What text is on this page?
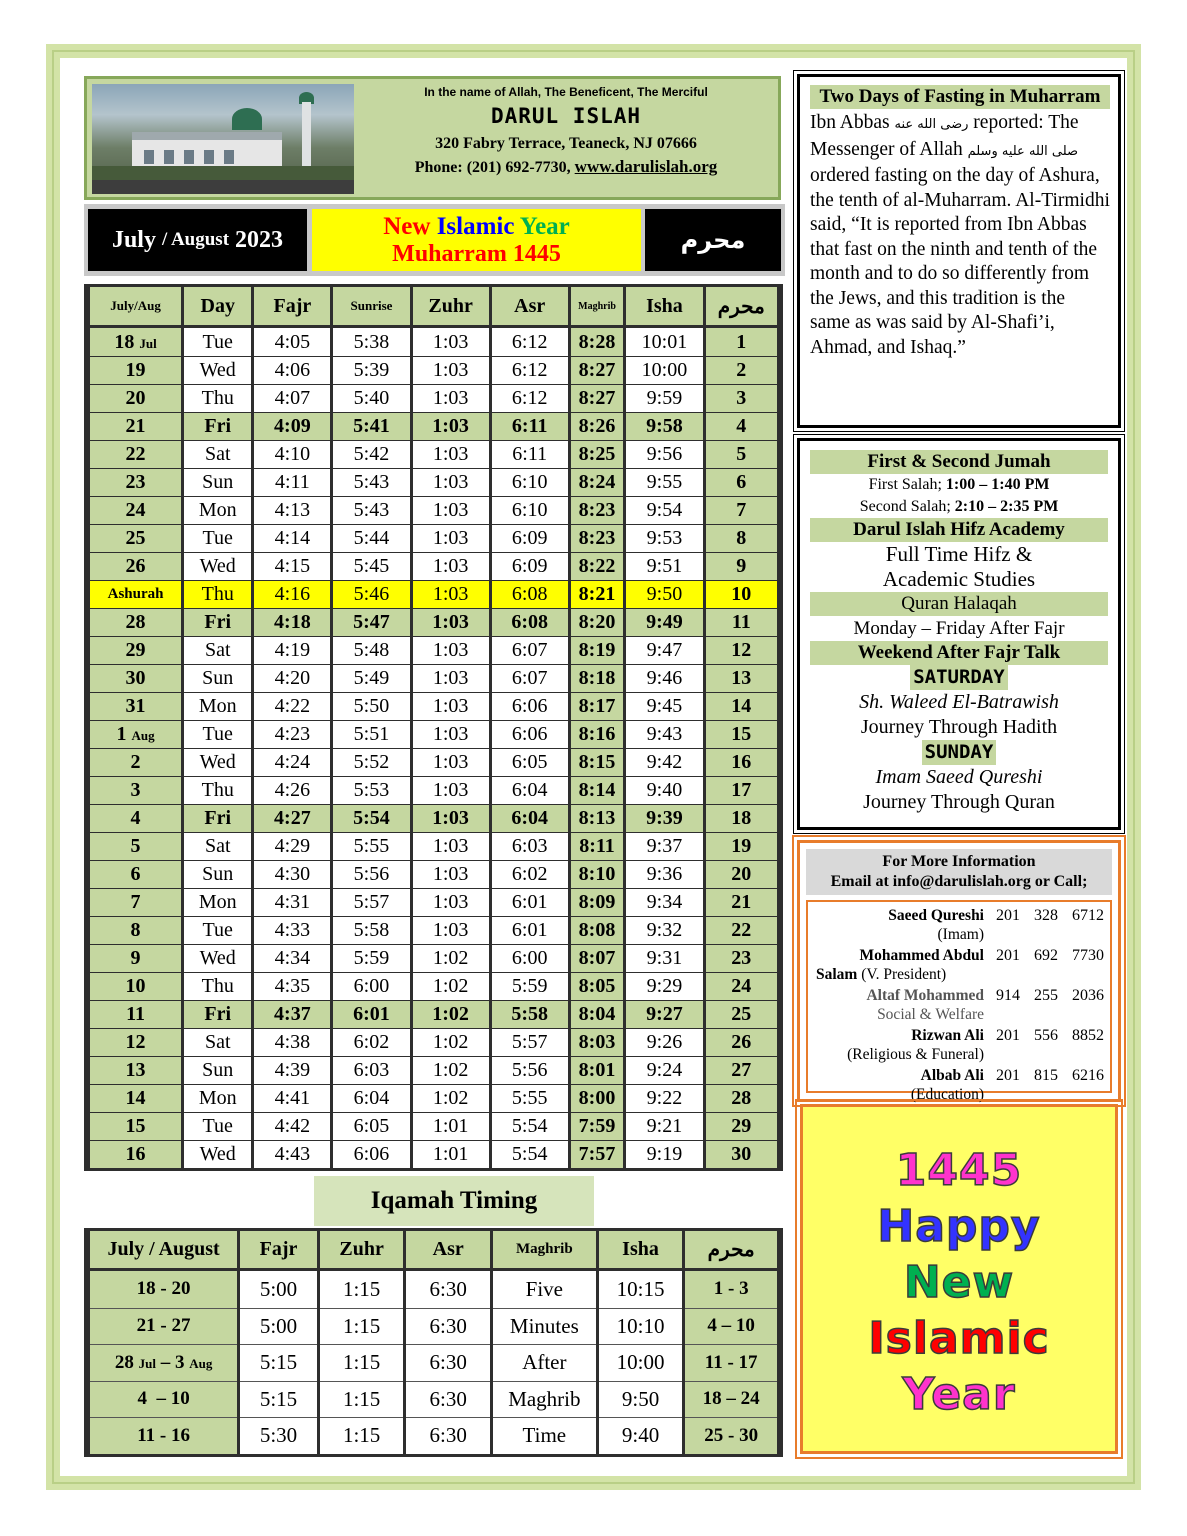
In the name of Allah, The Beneficent, The Merciful
DARUL ISLAH
320 Fabry Terrace, Teaneck, NJ 07666
Phone: (201) 692-7730, www.darulislah.org
July
/ August
2023	New Islamic Year
Muharram 1445	محرم
July/Aug	Day	Fajr	Sunrise	Zuhr	Asr	Maghrib	Isha	محرم
18 Jul	Tue	4:05	5:38	1:03	6:12	8:28	10:01	1
19	Wed	4:06	5:39	1:03	6:12	8:27	10:00	2
20	Thu	4:07	5:40	1:03	6:12	8:27	9:59	3
21	Fri	4:09	5:41	1:03	6:11	8:26	9:58	4
22	Sat	4:10	5:42	1:03	6:11	8:25	9:56	5
23	Sun	4:11	5:43	1:03	6:10	8:24	9:55	6
24	Mon	4:13	5:43	1:03	6:10	8:23	9:54	7
25	Tue	4:14	5:44	1:03	6:09	8:23	9:53	8
26	Wed	4:15	5:45	1:03	6:09	8:22	9:51	9
Ashurah	Thu	4:16	5:46	1:03	6:08	8:21	9:50	10
28	Fri	4:18	5:47	1:03	6:08	8:20	9:49	11
29	Sat	4:19	5:48	1:03	6:07	8:19	9:47	12
30	Sun	4:20	5:49	1:03	6:07	8:18	9:46	13
31	Mon	4:22	5:50	1:03	6:06	8:17	9:45	14
1 Aug	Tue	4:23	5:51	1:03	6:06	8:16	9:43	15
2	Wed	4:24	5:52	1:03	6:05	8:15	9:42	16
3	Thu	4:26	5:53	1:03	6:04	8:14	9:40	17
4	Fri	4:27	5:54	1:03	6:04	8:13	9:39	18
5	Sat	4:29	5:55	1:03	6:03	8:11	9:37	19
6	Sun	4:30	5:56	1:03	6:02	8:10	9:36	20
7	Mon	4:31	5:57	1:03	6:01	8:09	9:34	21
8	Tue	4:33	5:58	1:03	6:01	8:08	9:32	22
9	Wed	4:34	5:59	1:02	6:00	8:07	9:31	23
10	Thu	4:35	6:00	1:02	5:59	8:05	9:29	24
11	Fri	4:37	6:01	1:02	5:58	8:04	9:27	25
12	Sat	4:38	6:02	1:02	5:57	8:03	9:26	26
13	Sun	4:39	6:03	1:02	5:56	8:01	9:24	27
14	Mon	4:41	6:04	1:02	5:55	8:00	9:22	28
15	Tue	4:42	6:05	1:01	5:54	7:59	9:21	29
16	Wed	4:43	6:06	1:01	5:54	7:57	9:19	30
Iqamah Timing
July / August	Fajr	Zuhr	Asr	Maghrib	Isha	محرم
18 - 20	5:00	1:15	6:30	Five	10:15	1 - 3
21 - 27	5:00	1:15	6:30	Minutes	10:10	4 – 10
28 Jul – 3 Aug	5:15	1:15	6:30	After	10:00	11 - 17
4  – 10	5:15	1:15	6:30	Maghrib	9:50	18 – 24
11 - 16	5:30	1:15	6:30	Time	9:40	25 - 30
Two Days of Fasting in Muharram
Ibn Abbas رضى الله عنه reported: The Messenger of Allah صلى الله عليه وسلم ordered fasting on the day of Ashura, the tenth of al-Muharram. Al-Tirmidhi said, “It is reported from Ibn Abbas that fast on the ninth and tenth of the month and to do so differently from the Jews, and this tradition is the same as was said by Al-Shafi’i, Ahmad, and Ishaq.”
First & Second Jumah
First Salah; 1:00 – 1:40 PM
Second Salah; 2:10 – 2:35 PM
Darul Islah Hifz Academy
Full Time Hifz &
Academic Studies
Quran Halaqah
Monday – Friday After Fajr
Weekend After Fajr Talk
SATURDAY
Sh. Waleed El-Batrawish
Journey Through Hadith
SUNDAY
Imam Saeed Qureshi
Journey Through Quran
For More Information
Email at info@darulislah.org or Call;
Saeed Qureshi
(Imam)
201 328 6712
Mohammed Abdul

Salam (V. President)
201 692 7730
Altaf Mohammed
Social & Welfare
914 255 2036
Rizwan Ali
(Religious & Funeral)
201 556 8852
Albab Ali
(Education)
201 815 6216
1445
Happy
New
Islamic
Year
